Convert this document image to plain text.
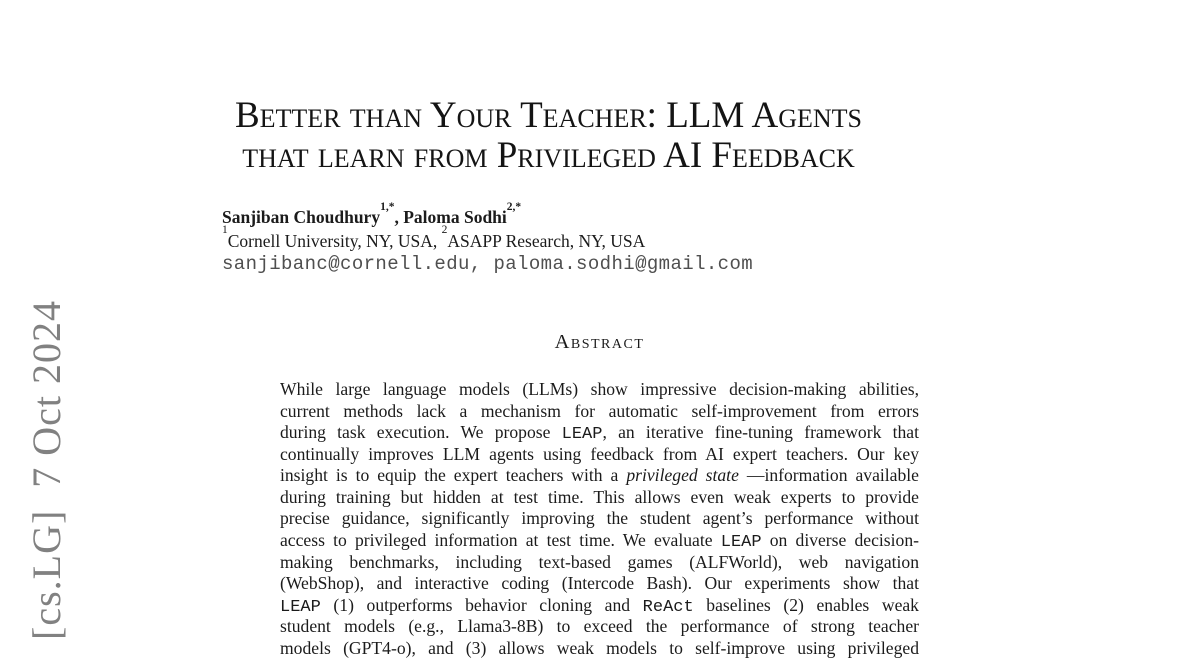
[cs.LG]  7 Oct 2024
Better than Your Teacher: LLM Agents
that learn from Privileged AI Feedback
Sanjiban Choudhury$^{1,*}$, Paloma Sodhi$^{2,*}$
$^1$Cornell University, NY, USA, $^2$ASAPP Research, NY, USA
sanjibanc@cornell.edu, paloma.sodhi@gmail.com
Abstract
While large language models (LLMs) show impressive decision-making abilities,
current methods lack a mechanism for automatic self-improvement from errors
during task execution. We propose LEAP, an iterative fine-tuning framework that
continually improves LLM agents using feedback from AI expert teachers. Our key
insight is to equip the expert teachers with a privileged state —information available
during training but hidden at test time. This allows even weak experts to provide
precise guidance, significantly improving the student agent’s performance without
access to privileged information at test time. We evaluate LEAP on diverse decision-
making benchmarks, including text-based games (ALFWorld), web navigation
(WebShop), and interactive coding (Intercode Bash). Our experiments show that
LEAP (1) outperforms behavior cloning and ReAct baselines (2) enables weak
student models (e.g., Llama3-8B) to exceed the performance of strong teacher
models (GPT4-o), and (3) allows weak models to self-improve using privileged
